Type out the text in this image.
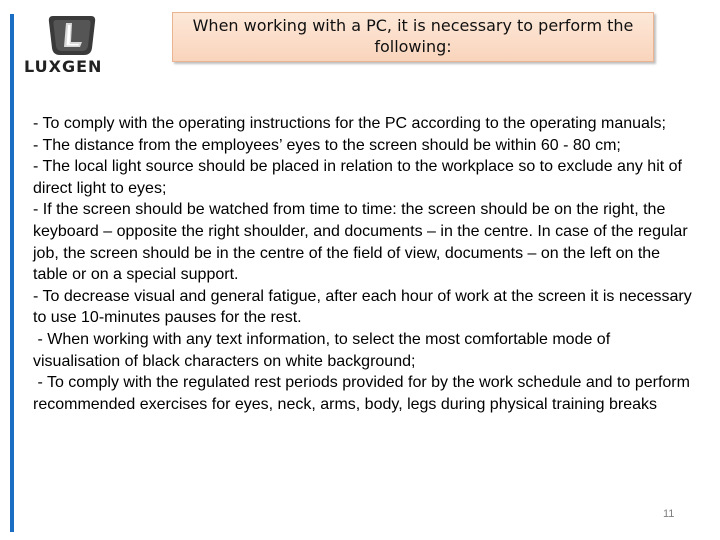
LUXGEN
When working with a PC, it is necessary to perform the following:

- To comply with the operating instructions for the PC according to the operating manuals;

- The distance from the employees’ eyes to the screen should be within 60 - 80 cm;

- The local light source should be placed in relation to the workplace so to exclude any hit of direct light to eyes;

- If the screen should be watched from time to time: the screen should be on the right, the keyboard – opposite the right shoulder, and documents – in the centre. In case of the regular job, the screen should be in the centre of the field of view, documents – on the left on the table or on a special support.

- To decrease visual and general fatigue, after each hour of work at the screen it is necessary to use 10-minutes pauses for the rest.

- When working with any text information, to select the most comfortable mode of visualisation of black characters on white background;

- To comply with the regulated rest periods provided for by the work schedule and to perform recommended exercises for eyes, neck, arms, body, legs during physical training breaks

11
